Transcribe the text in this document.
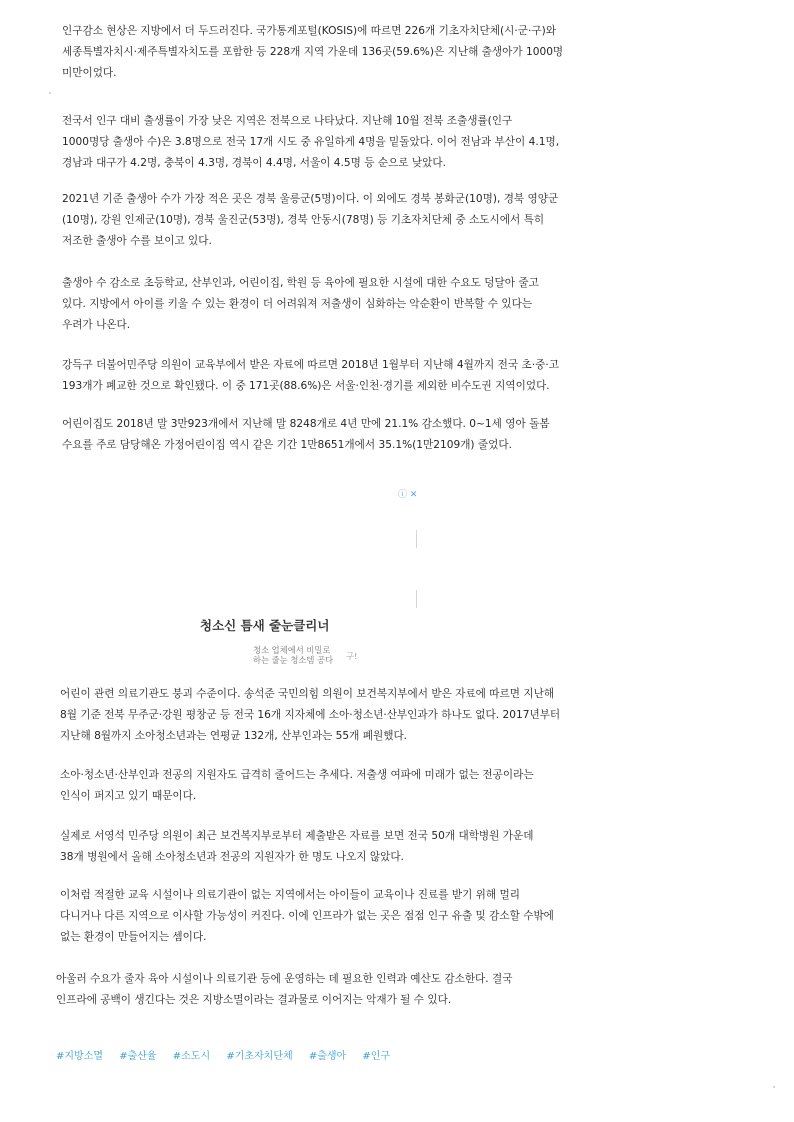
인구감소 현상은 지방에서 더 두드러진다. 국가통계포털(KOSIS)에 따르면 226개 기초자치단체(시·군·구)와
세종특별자치시·제주특별자치도를 포함한 등 228개 지역 가운데 136곳(59.6%)은 지난해 출생아가 1000명
미만이었다.
전국서 인구 대비 출생률이 가장 낮은 지역은 전북으로 나타났다. 지난해 10월 전북 조출생률(인구
1000명당 출생아 수)은 3.8명으로 전국 17개 시도 중 유일하게 4명을 밑돌았다. 이어 전남과 부산이 4.1명,
경남과 대구가 4.2명, 충북이 4.3명, 경북이 4.4명, 서울이 4.5명 등 순으로 낮았다.
2021년 기준 출생아 수가 가장 적은 곳은 경북 울릉군(5명)이다. 이 외에도 경북 봉화군(10명), 경북 영양군
(10명), 강원 인제군(10명), 경북 울진군(53명), 경북 안동시(78명) 등 기초자치단체 중 소도시에서 특히
저조한 출생아 수를 보이고 있다.
출생아 수 감소로 초등학교, 산부인과, 어린이집, 학원 등 육아에 필요한 시설에 대한 수요도 덩달아 줄고
있다. 지방에서 아이를 키울 수 있는 환경이 더 어려워져 저출생이 심화하는 악순환이 반복할 수 있다는
우려가 나온다.
강득구 더불어민주당 의원이 교육부에서 받은 자료에 따르면 2018년 1월부터 지난해 4월까지 전국 초·중·고
193개가 폐교한 것으로 확인됐다. 이 중 171곳(88.6%)은 서울·인천·경기를 제외한 비수도권 지역이었다.
어린이집도 2018년 말 3만923개에서 지난해 말 8248개로 4년 만에 21.1% 감소했다. 0~1세 영아 돌봄
수요를 주로 담당해온 가정어린이집 역시 같은 기간 1만8651개에서 35.1%(1만2109개) 줄었다.
ⓘ ✕
청소신 틈새 줄눈클리너
청소 업체에서 비밀로
하는 줄눈 청소템 공다 구!
어린이 관련 의료기관도 붕괴 수준이다. 송석준 국민의힘 의원이 보건복지부에서 받은 자료에 따르면 지난해
8월 기준 전북 무주군·강원 평창군 등 전국 16개 지자체에 소아·청소년·산부인과가 하나도 없다. 2017년부터
지난해 8월까지 소아청소년과는 연평균 132개, 산부인과는 55개 폐원했다.
소아·청소년·산부인과 전공의 지원자도 급격히 줄어드는 추세다. 저출생 여파에 미래가 없는 전공이라는
인식이 퍼지고 있기 때문이다.
실제로 서영석 민주당 의원이 최근 보건복지부로부터 제출받은 자료를 보면 전국 50개 대학병원 가운데
38개 병원에서 올해 소아청소년과 전공의 지원자가 한 명도 나오지 않았다.
이처럼 적절한 교육 시설이나 의료기관이 없는 지역에서는 아이들이 교육이나 진료를 받기 위해 멀리
다니거나 다른 지역으로 이사할 가능성이 커진다. 이에 인프라가 없는 곳은 점점 인구 유출 및 감소할 수밖에
없는 환경이 만들어지는 셈이다.
아울러 수요가 줄자 육아 시설이나 의료기관 등에 운영하는 데 필요한 인력과 예산도 감소한다. 결국
인프라에 공백이 생긴다는 것은 지방소멸이라는 결과물로 이어지는 악재가 될 수 있다.
#지방소멸 #출산율 #소도시 #기초자치단체 #출생아 #인구
